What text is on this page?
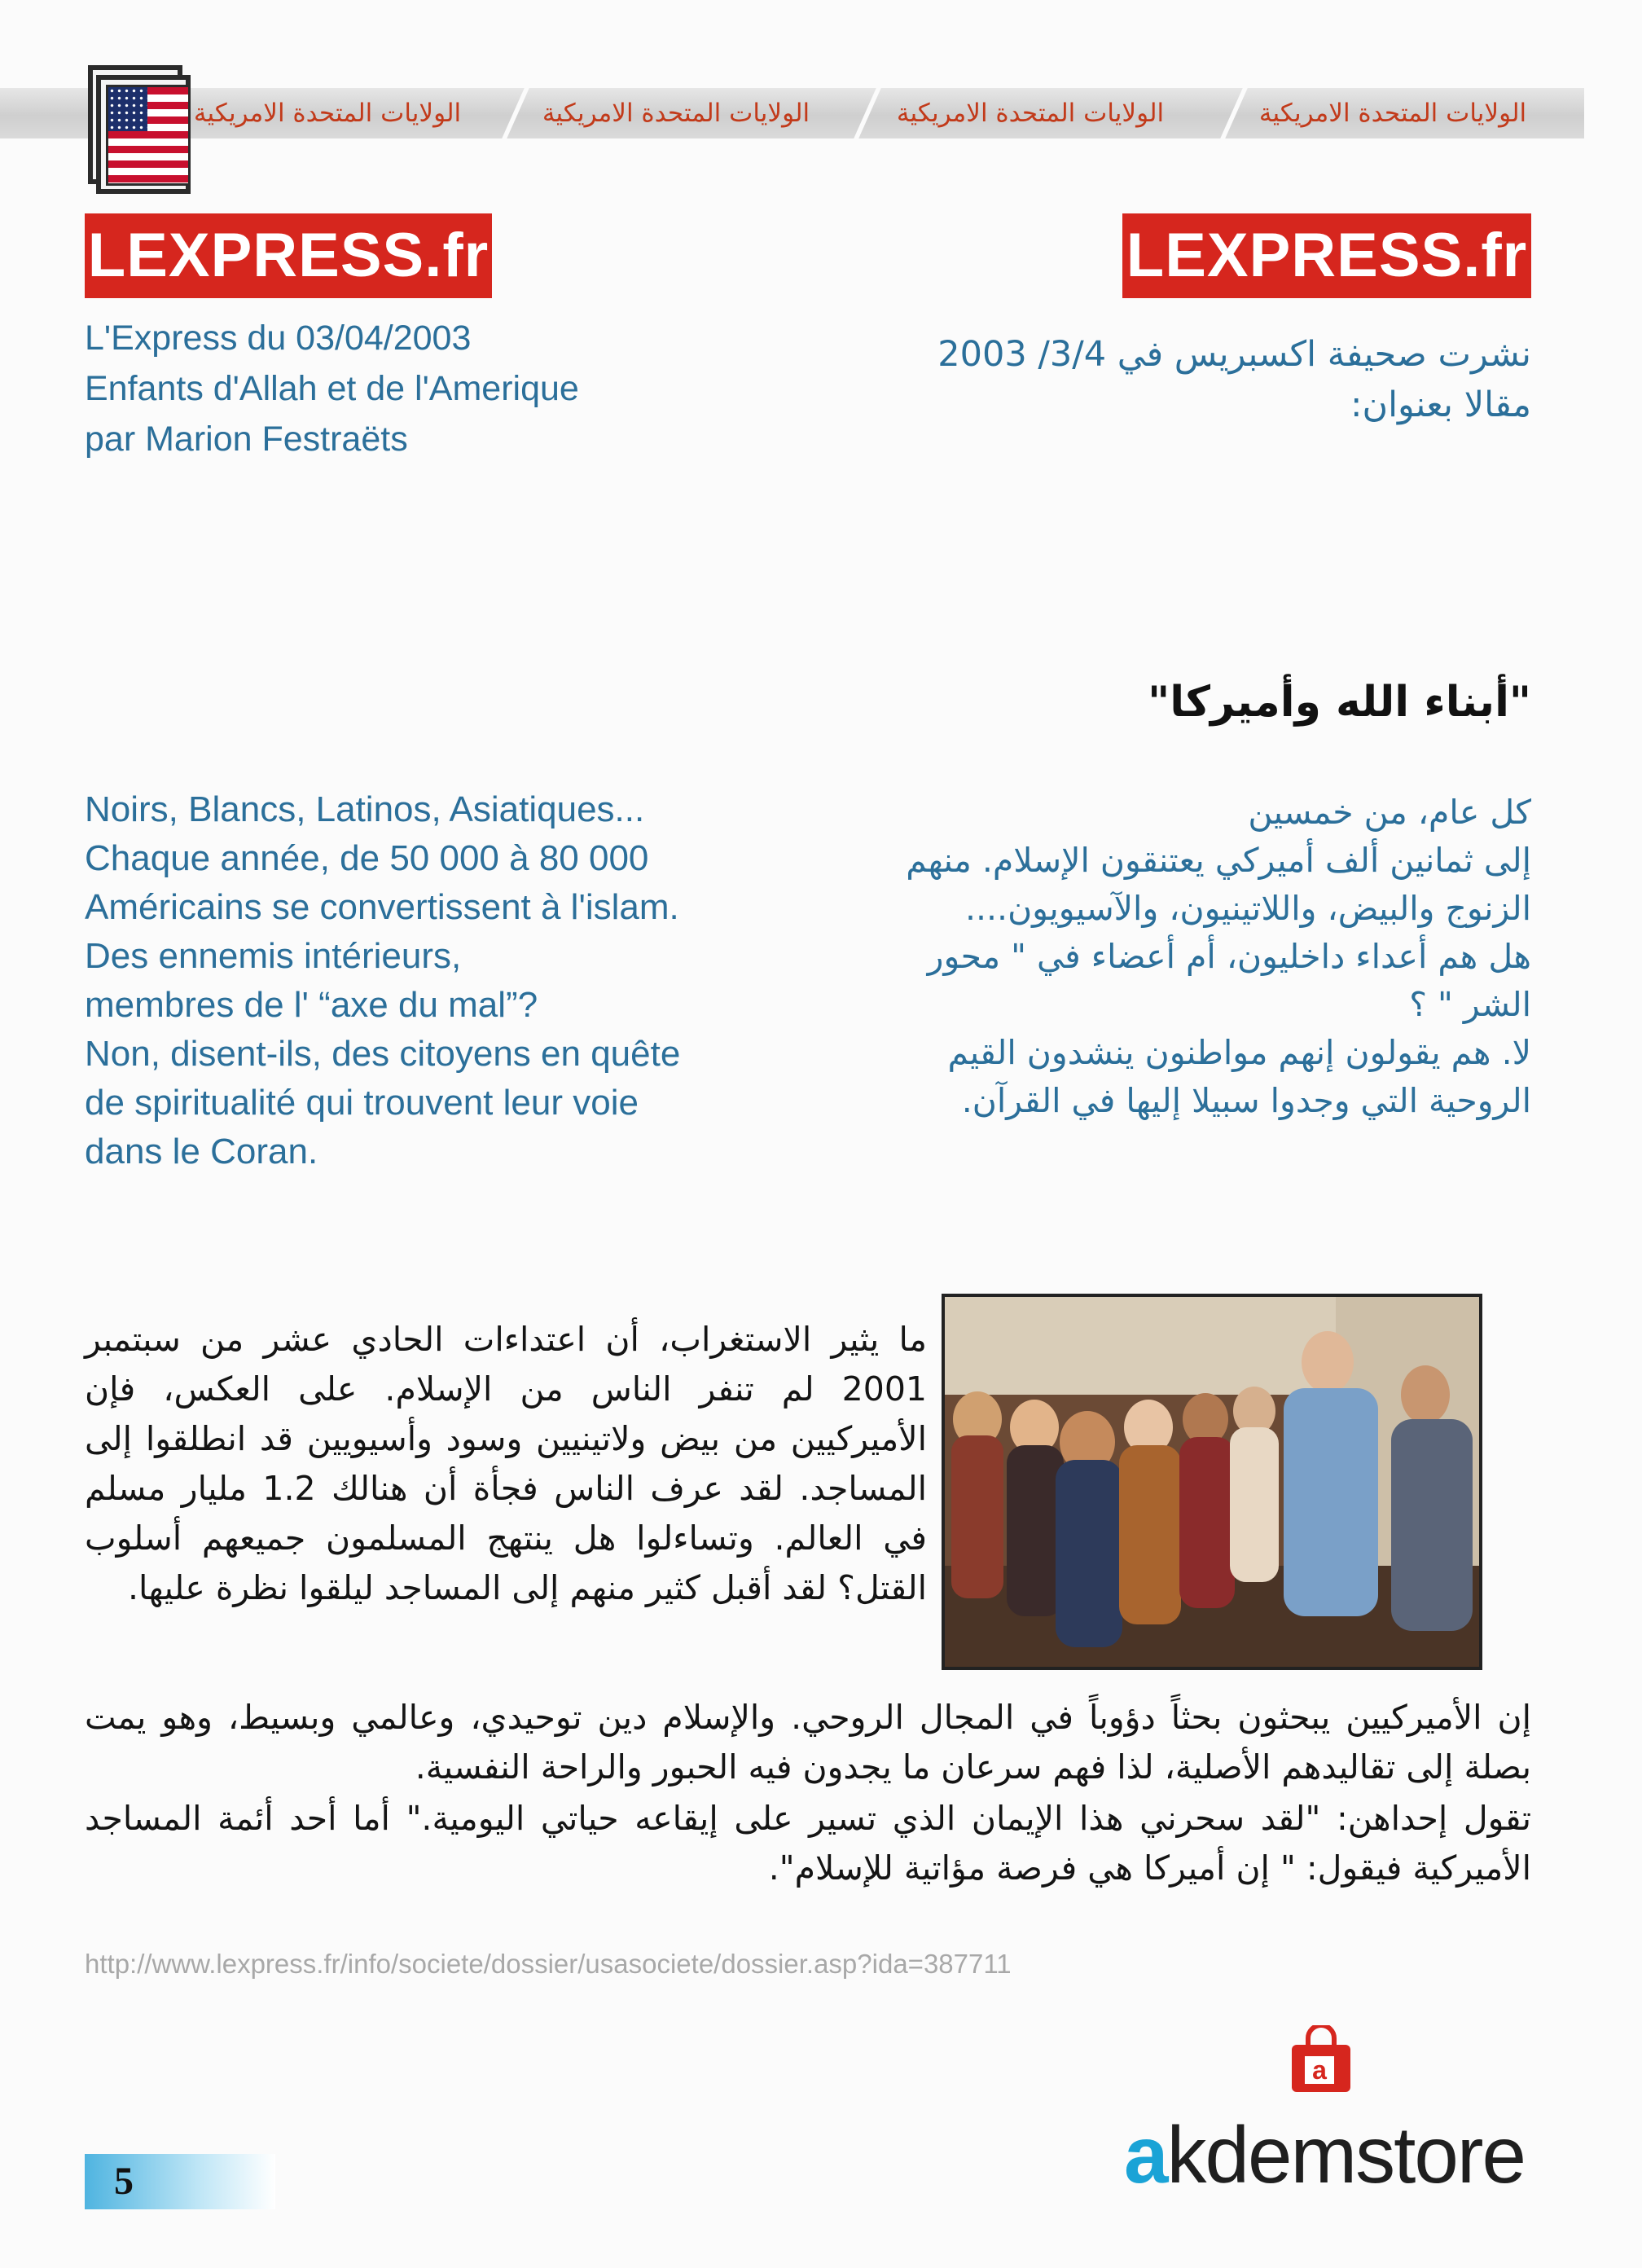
الولايات المتحدة الامريكية
الولايات المتحدة الامريكية
الولايات المتحدة الامريكية
الولايات المتحدة الامريكية
LEXPRESS.fr	LEXPRESS.fr
L'Express du 03/04/2003
Enfants d'Allah et de l'Amerique
par Marion Festraëts
نشرت صحيفة اكسبريس في 3/4/ 2003
مقالا بعنوان:
"أبناء الله وأميركا"
Noirs, Blancs, Latinos, Asiatiques...
Chaque année, de 50 000 à 80 000
Américains se convertissent à l'islam.
Des ennemis intérieurs,
membres de l' “axe du mal”?
Non, disent-ils, des citoyens en quête
de spiritualité qui trouvent leur voie
dans le Coran.
كل عام، من خمسين
إلى ثمانين ألف أميركي يعتنقون الإسلام. منهم
الزنوج والبيض، واللاتينيون، والآسيويون....
هل هم أعداء داخليون، أم أعضاء في " محور
الشر " ؟
لا. هم يقولون إنهم مواطنون ينشدون القيم
الروحية التي وجدوا سبيلا إليها في القرآن.

ما يثير الاستغراب، أن اعتداءات الحادي عشر من سبتمبر 2001 لم تنفر الناس من الإسلام. على العكس، فإن الأميركيين من بيض ولاتينيين وسود وأسيويين قد انطلقوا إلى المساجد. لقد عرف الناس فجأة أن هنالك 1.2 مليار مسلم في العالم. وتساءلوا هل ينتهج المسلمون جميعهم أسلوب القتل؟ لقد أقبل كثير منهم إلى المساجد ليلقوا نظرة عليها.

إن الأميركيين يبحثون بحثاً دؤوباً في المجال الروحي. والإسلام دين توحيدي، وعالمي وبسيط، وهو يمت بصلة إلى تقاليدهم الأصلية، لذا فهم سرعان ما يجدون فيه الحبور والراحة النفسية.

تقول إحداهن: "لقد سحرني هذا الإيمان الذي تسير على إيقاعه حياتي اليومية." أما أحد أئمة المساجد الأميركية فيقول: " إن أميركا هي فرصة مؤاتية للإسلام".

http://www.lexpress.fr/info/societe/dossier/usasociete/dossier.asp?ida=387711
5
a
akdemstore
